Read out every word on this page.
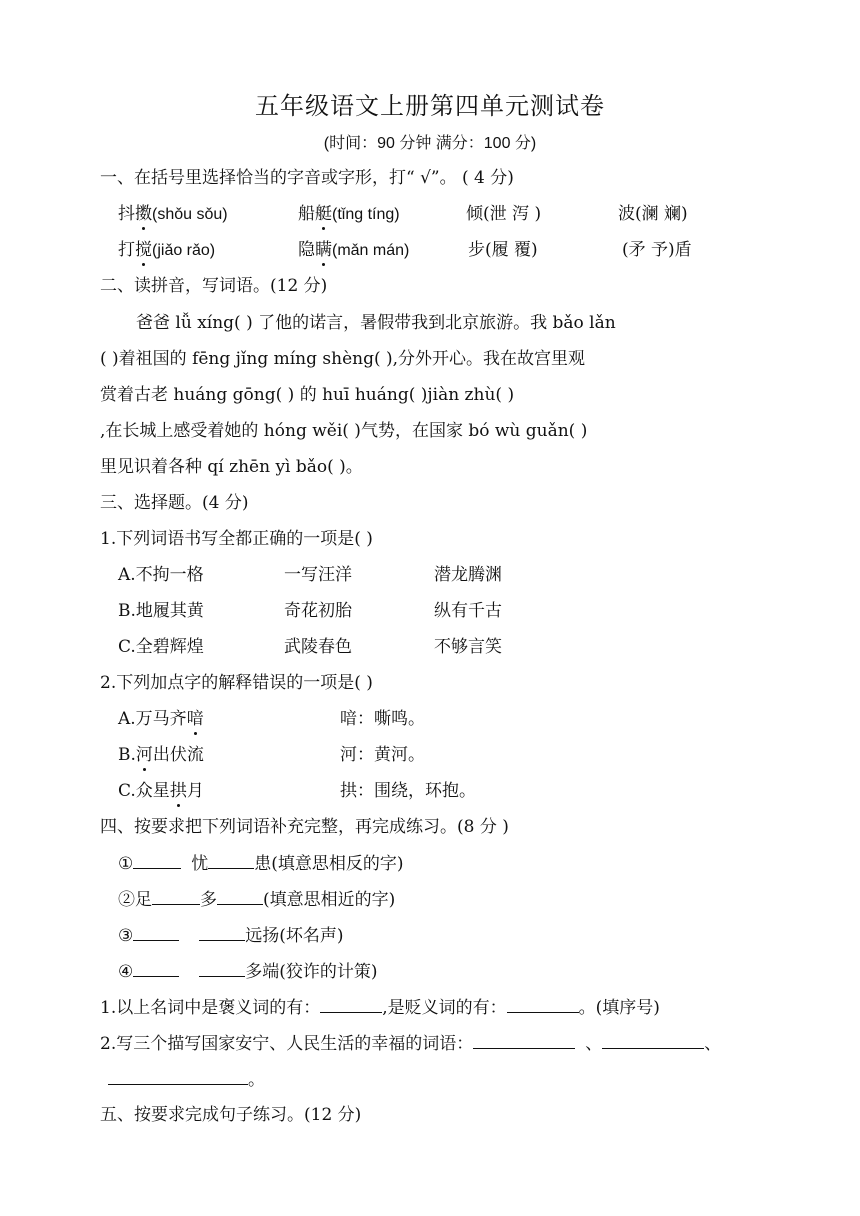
五年级语文上册第四单元测试卷
(时间：90 分钟 满分：100 分)
一、在括号里选择恰当的字音或字形，打“ √”。 ( 4 分)
抖擞(shǒu sǒu)	船艇(tǐng tíng)	倾(泄 泻 )	波(澜 斓)
打搅(jiǎo rǎo)	隐瞒(mǎn mán)	步(履 覆)	(矛 予)盾
二、读拼音，写词语。(12 分)
爸爸 lǚ xíng( ) 了他的诺言，暑假带我到北京旅游。我 bǎo lǎn
( )着祖国的 fēng jǐng míng shèng( ),分外开心。我在故宫里观
赏着古老 huáng gōng( ) 的 huī huáng( )jiàn zhù( )
,在长城上感受着她的 hóng wěi( )气势，在国家 bó wù guǎn( )
里见识着各种 qí zhēn yì bǎo( )。
三、选择题。(4 分)
1.下列词语书写全都正确的一项是( )
A.不拘一格	一写汪洋	潜龙腾渊
B.地履其黄	奇花初胎	纵有千古
C.全碧辉煌	武陵春色	不够言笑
2.下列加点字的解释错误的一项是( )
A.万马齐喑	喑：嘶鸣。
B.河出伏流	河：黄河。
C.众星拱月	拱：围绕，环抱。
四、按要求把下列词语补充完整，再完成练习。(8 分 )
①	忧	患(填意思相反的字)
②足	多	(填意思相近的字)
③	远扬(坏名声)
④	多端(狡诈的计策)
1.以上名词中是褒义词的有：	,是贬义词的有：	。(填序号)
2.写三个描写国家安宁、人民生活的幸福的词语：	、	、
。
五、按要求完成句子练习。(12 分)
